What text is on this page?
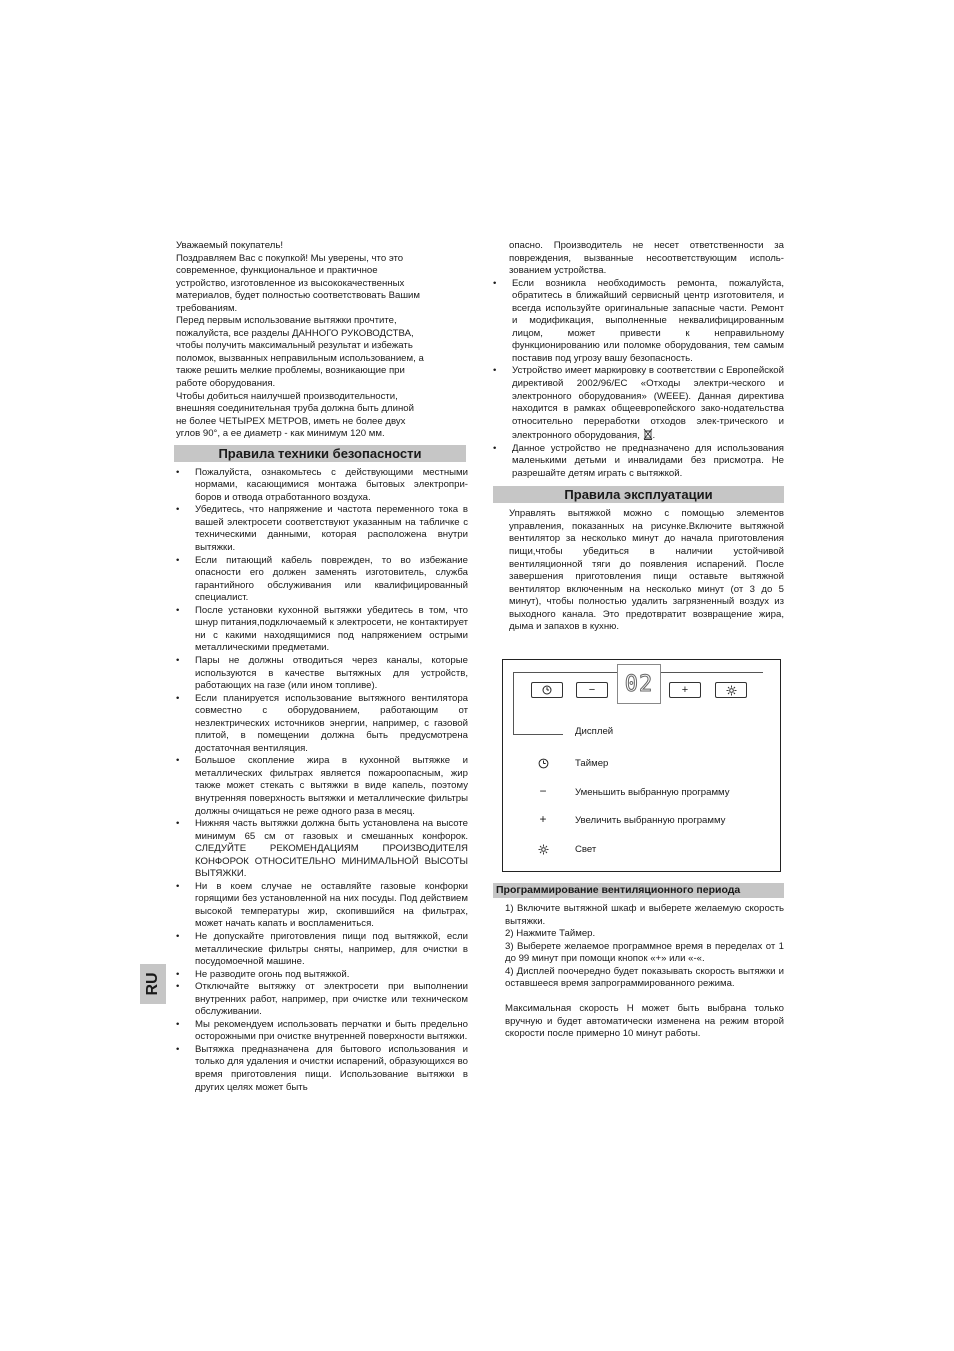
Уважаемый покупатель!

Поздравляем Вас с покупкой! Мы уверены, что это

современное, функциональное и практичное

устройство, изготовленное из высококачественных

материалов, будет полностью соответствовать Вашим

требованиям.

Перед первым использование вытяжки прочтите,

пожалуйста, все разделы ДАННОГО РУКОВОДСТВА,

чтобы получить максимальный результат и избежать

поломок, вызванных неправильным использованием, а

также решить мелкие проблемы, возникающие при

работе оборудования.

Чтобы добиться наилучшей производительности,

внешняя соединительная труба должна быть длиной

не более ЧЕТЫРЕХ МЕТРОВ, иметь не более двух

углов 90°, а ее диаметр - как минимум 120 мм.

Правила техники безопасности
• Пожалуйста, ознакомьтесь с действующими местными нормами, касающимися монтажа бытовых электропри-боров и отвода отработанного воздуха.
• Убедитесь, что напряжение и частота переменного тока в вашей электросети соответствуют указанным на табличке с техническими данными, которая расположена внутри вытяжки.
• Если питающий кабель поврежден, то во избежание опасности его должен заменять изготовитель, служба гарантийного обслуживания или квалифицированный специалист.
• После установки кухонной вытяжки убедитесь в том, что шнур питания,подключаемый к электросети, не контактирует ни с какими находящимися под напряжением острыми металлическими предметами.
• Пары не должны отводиться через каналы, которые используются в качестве вытяжных для устройств, работающих на газе (или ином топливе).
• Если планируется использование вытяжного вентилятора совместно с оборудованием, работающим от незлектрических источников энергии, например, с газовой плитой, в помещении должна быть предусмотрена достаточная вентиляция.
• Большое скопление жира в кухонной вытяжке и металлических фильтрах является пожароопасным, жир также может стекать с вытяжки в виде капель, поэтому внутренняя поверхность вытяжки и металлические фильтры должны очищаться не реже одного раза в месяц.
• Нижняя часть вытяжки должна быть установлена на высоте минимум 65 см от газовых и смешанных конфорок. СЛЕДУЙТЕ РЕКОМЕНДАЦИЯМ ПРОИЗВОДИТЕЛЯ КОНФОРОК ОТНОСИТЕЛЬНО МИНИМАЛЬНОЙ ВЫСОТЫ ВЫТЯЖКИ.
• Ни в коем случае не оставляйте газовые конфорки горящими без установленной на них посуды. Под действием высокой температуры жир, скопившийся на фильтрах, может начать капать и воспламениться.
• Не допускайте приготовления пищи под вытяжкой, если металлические фильтры сняты, например, для очистки в посудомоечной машине.
• Не разводите огонь под вытяжкой.
• Отключайте вытяжку от электросети при выполнении внутренних работ, например, при очистке или техническом обслуживании.
• Мы рекомендуем использовать перчатки и быть предельно осторожными при очистке внутренней поверхности вытяжки.
• Вытяжка предназначена для бытового использования и только для удаления и очистки испарений, образующихся во время приготовления пищи. Использование вытяжки в других целях может быть
RU

опасно. Производитель не несет ответственности за повреждения, вызванные несоответствующим исполь-зованием устройства.

• Если возникла необходимость ремонта, пожалуйста, обратитесь в ближайший сервисный центр изготовителя, и всегда используйте оригинальные запасные части. Ремонт и модификация, выполненные неквалифицированным лицом, может привести к неправильному функционированию или поломке оборудования, тем самым поставив под угрозу вашу безопасность.
• Устройство имеет маркировку в соответствии с Европейской директивой 2002/96/EC «Отходы электри-ческого и электронного оборудования» (WEEE). Данная директива находится в рамках общеевропейского зако-нодательства относительно переработки отходов элек-трического и электронного оборудования, .
• Данное устройство не предназначено для использования маленькими детьми и инвалидами без присмотра. Не разрешайте детям играть с вытяжкой.
Правила эксплуатации

Управлять вытяжкой можно с помощью элементов управления, показанных на рисунке.Включите вытяжной вентилятор за несколько минут до начала приготовления пищи,чтобы убедиться в наличии устойчивой вентиляционной тяги до появления испарений. После завершения приготовления пищи оставьте вытяжной вентилятор включенным на несколько минут (от 3 до 5 минут), чтобы полностью удалить загрязненный воздух из выходного канала. Это предотвратит возвращение жира, дыма и запахов в кухню.

− 02	+
Дисплей
Таймер
−	Уменьшить выбранную программу
+	Увеличить выбранную программу
Свет
Программирование вентиляционного периода

1) Включите вытяжной шкаф и выберете желаемую скорость вытяжки.

2) Нажмите Таймер.

3) Выберете желаемое программное время в переделах от 1 до 99 минут при помощи кнопок «+» или «-«.

4) Дисплей поочередно будет показывать скорость вытяжки и оставшееся время запрограммированного режима.

Максимальная скорость H может быть выбрана только вручную и будет автоматически изменена на режим второй скорости после примерно 10 минут работы.
